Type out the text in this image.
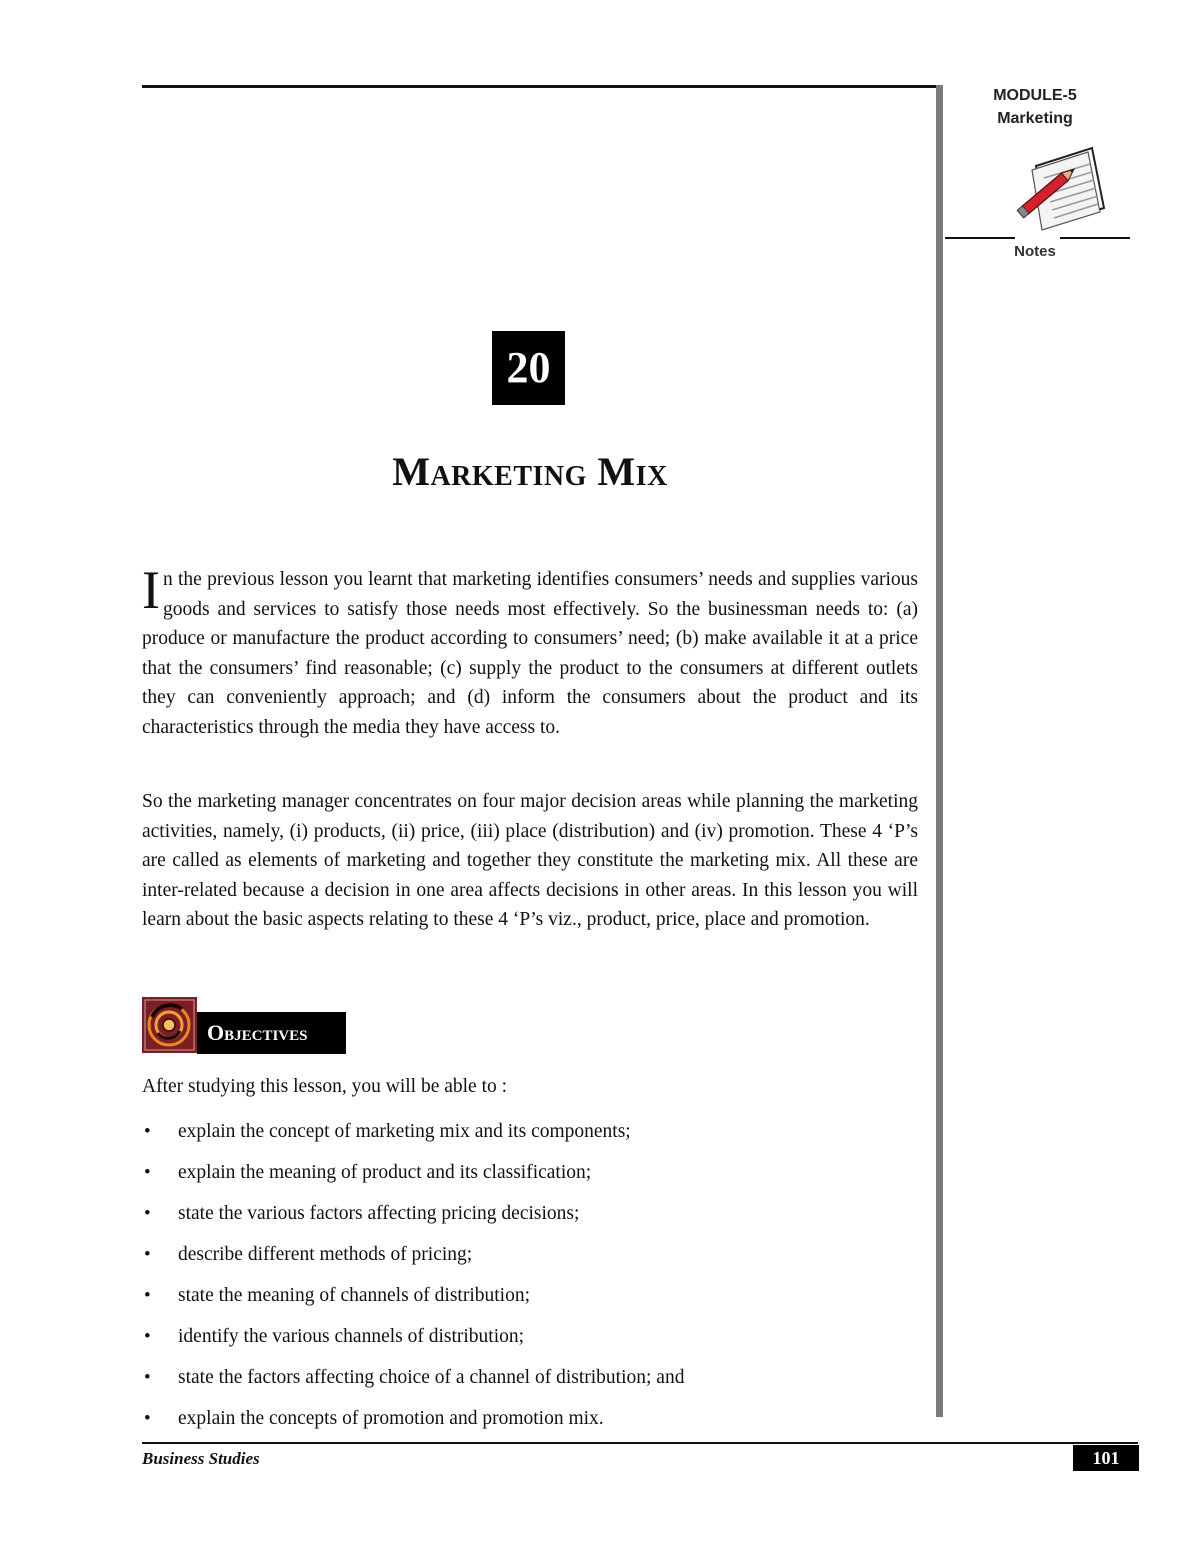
MODULE-5
Marketing
Notes
20
Marketing Mix
In the previous lesson you learnt that marketing identifies consumers’ needs and supplies various goods and services to satisfy those needs most effectively. So the businessman needs to: (a) produce or manufacture the product according to consumers’ need; (b) make available it at a price that the consumers’ find reasonable; (c) supply the product to the consumers at different outlets they can conveniently approach; and (d) inform the consumers about the product and its characteristics through the media they have access to.
So the marketing manager concentrates on four major decision areas while planning the marketing activities, namely, (i) products, (ii) price, (iii) place (distribution) and (iv) promotion. These 4 ‘P’s are called as elements of marketing and together they constitute the marketing mix. All these are inter-related because a decision in one area affects decisions in other areas. In this lesson you will learn about the basic aspects relating to these 4 ‘P’s viz., product, price, place and promotion.
Objectives
After studying this lesson, you will be able to :
• explain the concept of marketing mix and its components;
• explain the meaning of product and its classification;
• state the various factors affecting pricing decisions;
• describe different methods of pricing;
• state the meaning of channels of distribution;
• identify the various channels of distribution;
• state the factors affecting choice of a channel of distribution; and
• explain the concepts of promotion and promotion mix.
Business Studies	101
